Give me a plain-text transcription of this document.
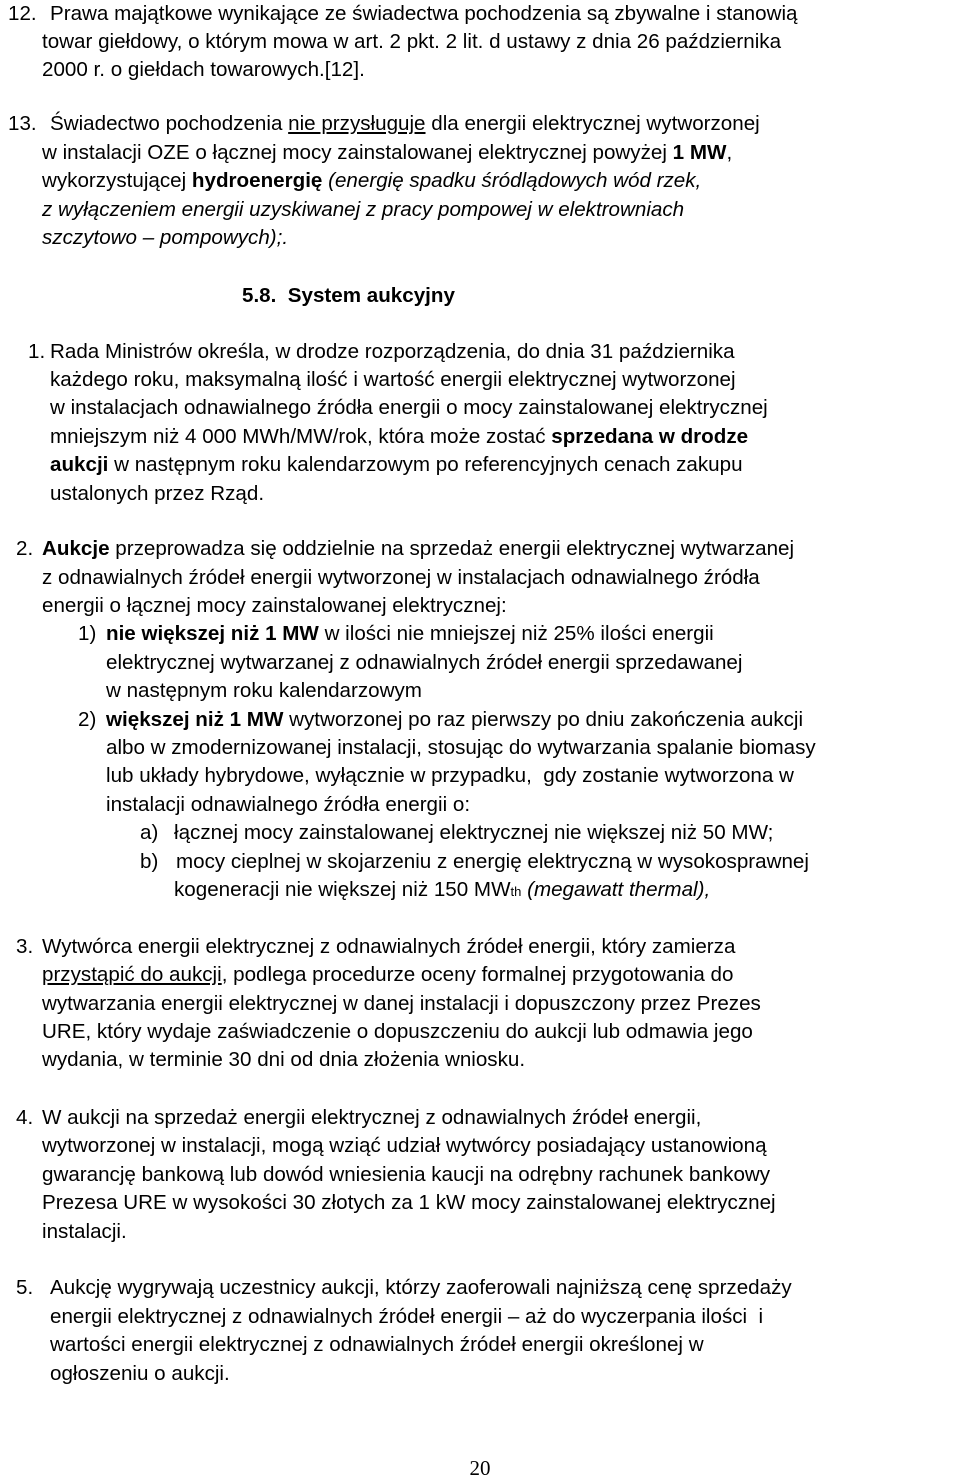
12. Prawa majątkowe wynikające ze świadectwa pochodzenia są zbywalne i stanowią
towar giełdowy, o którym mowa w art. 2 pkt. 2 lit. d ustawy z dnia 26 października
2000 r. o giełdach towarowych.[12].
13. Świadectwo pochodzenia nie przysługuje dla energii elektrycznej wytworzonej
w instalacji OZE o łącznej mocy zainstalowanej elektrycznej powyżej 1 MW,
wykorzystującej hydroenergię (energię spadku śródlądowych wód rzek,
z wyłączeniem energii uzyskiwanej z pracy pompowej w elektrowniach
szczytowo – pompowych);.
5.8.  System aukcyjny
1. Rada Ministrów określa, w drodze rozporządzenia, do dnia 31 października
każdego roku, maksymalną ilość i wartość energii elektrycznej wytworzonej
w instalacjach odnawialnego źródła energii o mocy zainstalowanej elektrycznej
mniejszym niż 4 000 MWh/MW/rok, która może zostać sprzedana w drodze
aukcji w następnym roku kalendarzowym po referencyjnych cenach zakupu
ustalonych przez Rząd.
2. Aukcje przeprowadza się oddzielnie na sprzedaż energii elektrycznej wytwarzanej
z odnawialnych źródeł energii wytworzonej w instalacjach odnawialnego źródła
energii o łącznej mocy zainstalowanej elektrycznej:
1) nie większej niż 1 MW w ilości nie mniejszej niż 25% ilości energii
elektrycznej wytwarzanej z odnawialnych źródeł energii sprzedawanej
w następnym roku kalendarzowym
2) większej niż 1 MW wytworzonej po raz pierwszy po dniu zakończenia aukcji
albo w zmodernizowanej instalacji, stosując do wytwarzania spalanie biomasy
lub układy hybrydowe, wyłącznie w przypadku,  gdy zostanie wytworzona w
instalacji odnawialnego źródła energii o:
a) łącznej mocy zainstalowanej elektrycznej nie większej niż 50 MW;
b) mocy cieplnej w skojarzeniu z energię elektryczną w wysokosprawnej
kogeneracji nie większej niż 150 MWth (megawatt thermal),
3. Wytwórca energii elektrycznej z odnawialnych źródeł energii, który zamierza
przystąpić do aukcji, podlega procedurze oceny formalnej przygotowania do
wytwarzania energii elektrycznej w danej instalacji i dopuszczony przez Prezes
URE, który wydaje zaświadczenie o dopuszczeniu do aukcji lub odmawia jego
wydania, w terminie 30 dni od dnia złożenia wniosku.
4. W aukcji na sprzedaż energii elektrycznej z odnawialnych źródeł energii,
wytworzonej w instalacji, mogą wziąć udział wytwórcy posiadający ustanowioną
gwarancję bankową lub dowód wniesienia kaucji na odrębny rachunek bankowy
Prezesa URE w wysokości 30 złotych za 1 kW mocy zainstalowanej elektrycznej
instalacji.
5. Aukcję wygrywają uczestnicy aukcji, którzy zaoferowali najniższą cenę sprzedaży
energii elektrycznej z odnawialnych źródeł energii – aż do wyczerpania ilości  i
wartości energii elektrycznej z odnawialnych źródeł energii określonej w
ogłoszeniu o aukcji.
20
